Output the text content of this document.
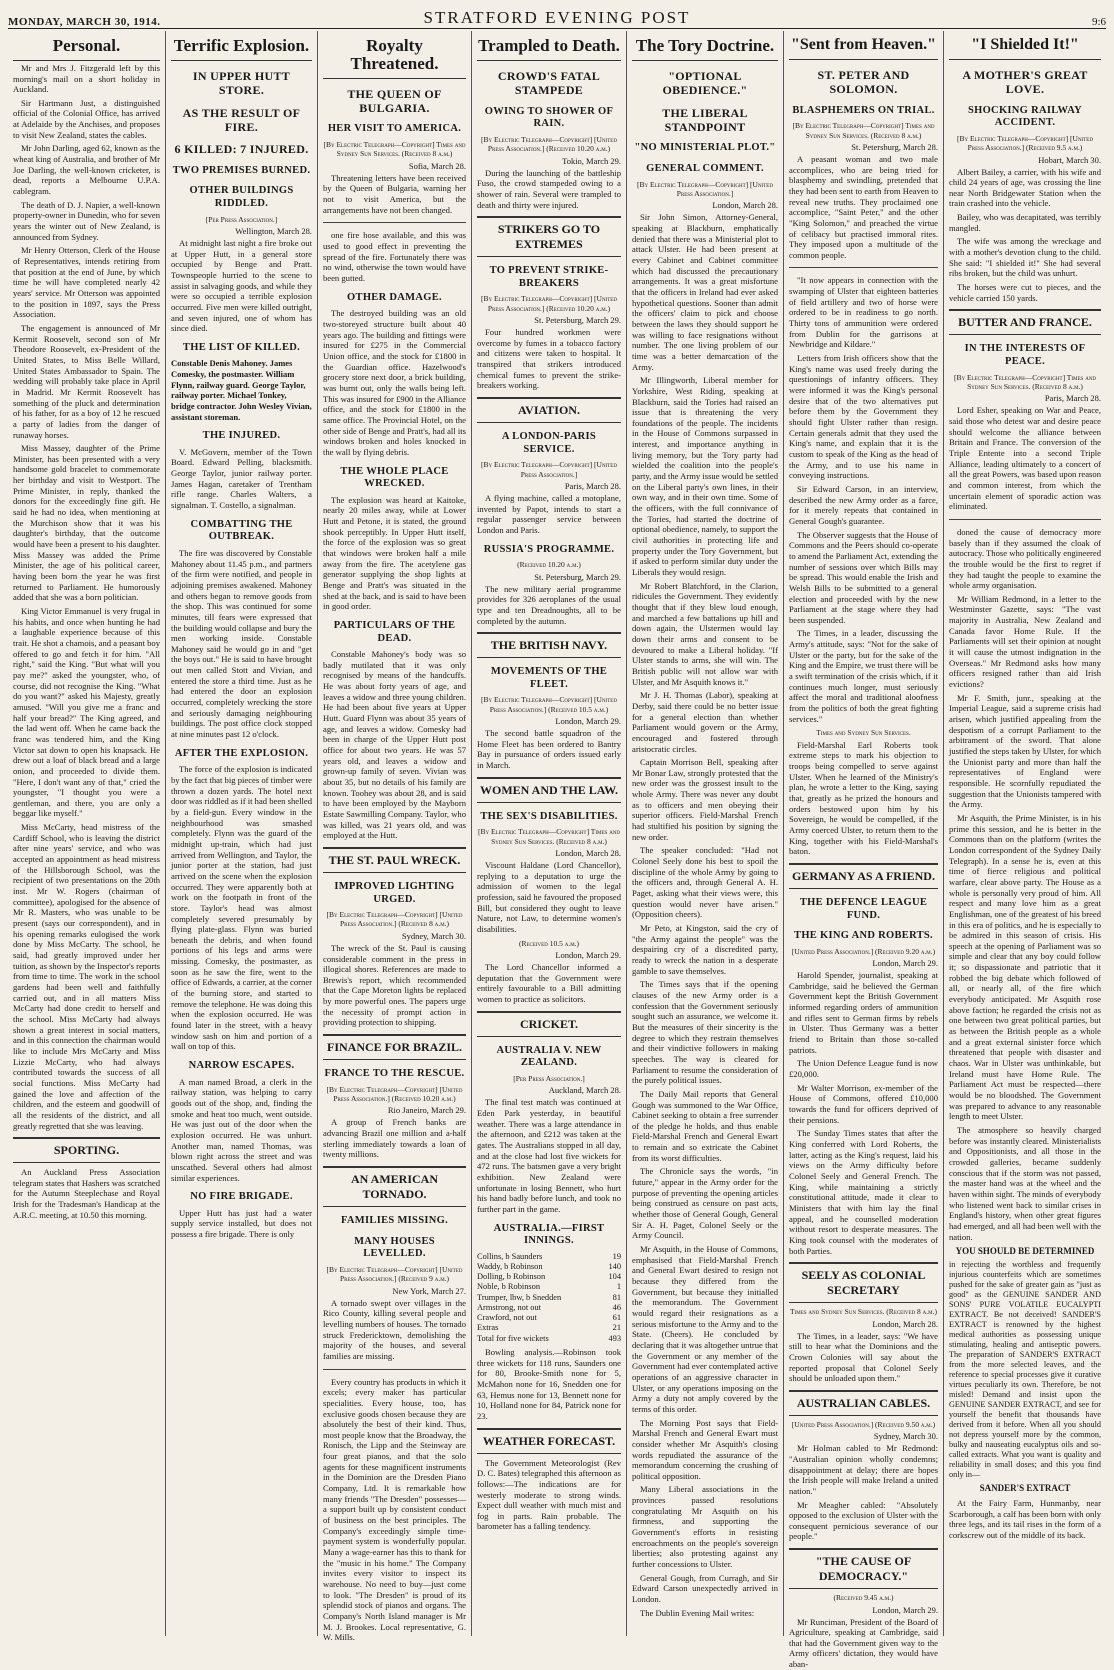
MONDAY, MARCH 30, 1914.	STRATFORD EVENING POST	9:6
Personal.

Mr and Mrs J. Fitzgerald left by this morning's mail on a short holiday in Auckland.

Sir Hartmann Just, a distinguished official of the Colonial Office, has arrived at Adelaide by the Anchises, and proposes to visit New Zealand, states the cables.

Mr John Darling, aged 62, known as the wheat king of Australia, and brother of Mr Joe Darling, the well-known cricketer, is dead, reports a Melbourne U.P.A. cablegram.

The death of D. J. Napier, a well-known property-owner in Dunedin, who for seven years the winter out of New Zealand, is announced from Sydney.

Mr Henry Otterson, Clerk of the House of Representatives, intends retiring from that position at the end of June, by which time he will have completed nearly 42 years' service. Mr Otterson was appointed to the position in 1897, says the Press Association.

The engagement is announced of Mr Kermit Roosevelt, second son of Mr Theodore Roosevelt, ex-President of the United States, to Miss Belle Willard, United States Ambassador to Spain. The wedding will probably take place in April in Madrid. Mr Kermit Roosevelt has something of the pluck and determination of his father, for as a boy of 12 he rescued a party of ladies from the danger of runaway horses.

Miss Massey, daughter of the Prime Minister, has been presented with a very handsome gold bracelet to commemorate her birthday and visit to Westport. The Prime Minister, in reply, thanked the donors for the exceedingly fine gift. He said he had no idea, when mentioning at the Murchison show that it was his daughter's birthday, that the outcome would have been a present to his daughter. Miss Massey was added the Prime Minister, the age of his political career, having been born the year he was first returned to Parliament. He humorously added that she was a born politician.

King Victor Emmanuel is very frugal in his habits, and once when hunting he had a laughable experience because of this trait. He shot a chamois, and a peasant boy offered to go and fetch it for him. "All right," said the King. "But what will you pay me?" asked the youngster, who, of course, did not recognise the King. "What do you want?" asked his Majesty, greatly amused. "Will you give me a franc and half your bread?" The King agreed, and the lad went off. When he came back the franc was tendered him, and the King Victor sat down to open his knapsack. He drew out a loaf of black bread and a large onion, and proceeded to divide them. "Here, I don't want any of that," cried the youngster, "I thought you were a gentleman, and there, you are only a beggar like myself."

Miss McCarty, head mistress of the Cardiff School, who is leaving the district after nine years' service, and who was accepted an appointment as head mistress of the Hillsborough School, was the recipient of two presentations on the 20th inst. Mr W. Rogers (chairman of committee), apologised for the absence of Mr R. Masters, who was unable to be present (says our correspondent), and in his opening remarks eulogised the work done by Miss McCarty. The school, he said, had greatly improved under her tuition, as shown by the Inspector's reports from time to time. The work in the school gardens had been well and faithfully carried out, and in all matters Miss McCarty had done credit to herself and the school. Miss McCarty had always shown a great interest in social matters, and in this connection the chairman would like to include Mrs McCarty and Miss Lizzie McCarty, who had always contributed towards the success of all social functions. Miss McCarty had gained the love and affection of the children, and the esteem and goodwill of all the residents of the district, and all greatly regretted that she was leaving.

SPORTING.

An Auckland Press Association telegram states that Hashers was scratched for the Autumn Steeplechase and Royal Irish for the Tradesman's Handicap at the A.R.C. meeting, at 10.50 this morning.

Terrific Explosion.
IN UPPER HUTT STORE.
AS THE RESULT OF FIRE.
6 KILLED: 7 INJURED.
TWO PREMISES BURNED.
OTHER BUILDINGS RIDDLED.
[Per Press Association.]
Wellington, March 28.

At midnight last night a fire broke out at Upper Hutt, in a general store occupied by Benge and Pratt. Townspeople hurried to the scene to assist in salvaging goods, and while they were so occupied a terrible explosion occurred. Five men were killed outright, and seven injured, one of whom has since died.

THE LIST OF KILLED.
Constable Denis Mahoney. James Comesky, the postmaster. William Flynn, railway guard. George Taylor, railway porter. Michael Tonkey, bridge contractor. John Wesley Vivian, assistant storeman.
THE INJURED.

V. McGovern, member of the Town Board. Edward Pelling, blacksmith. George Taylor, junior railway porter. James Hagan, caretaker of Trentham rifle range. Charles Walters, a signalman. T. Costello, a signalman.

COMBATTING THE OUTBREAK.

The fire was discovered by Constable Mahoney about 11.45 p.m., and partners of the firm were notified, and people in adjoining premises awakened. Mahoney and others began to remove goods from the shop. This was continued for some minutes, till fears were expressed that the building would collapse and bury the men working inside. Constable Mahoney said he would go in and "get the boys out." He is said to have brought out men called Stott and Vivian, and entered the store a third time. Just as he had entered the door an explosion occurred, completely wrecking the store and seriously damaging neighbouring buildings. The post office clock stopped at nine minutes past 12 o'clock.

AFTER THE EXPLOSION.

The force of the explosion is indicated by the fact that big pieces of timber were thrown a dozen yards. The hotel next door was riddled as if it had been shelled by a field-gun. Every window in the neighbourhood was smashed completely. Flynn was the guard of the midnight up-train, which had just arrived from Wellington, and Taylor, the junior porter at the station, had just arrived on the scene when the explosion occurred. They were apparently both at work on the footpath in front of the store. Taylor's head was almost completely severed presumably by flying plate-glass. Flynn was buried beneath the debris, and when found portions of his legs and arms were missing. Comesky, the postmaster, as soon as he saw the fire, went to the office of Edwards, a carrier, at the corner of the burning store, and started to remove the telephone. He was doing this when the explosion occurred. He was found later in the street, with a heavy window sash on him and portion of a wall on top of this.

NARROW ESCAPES.

A man named Broad, a clerk in the railway station, was helping to carry goods out of the shop, and, finding the smoke and heat too much, went outside. He was just out of the door when the explosion occurred. He was unhurt. Another man, named Thomas, was blown right across the street and was unscathed. Several others had almost similar experiences.

NO FIRE BRIGADE.

Upper Hutt has just had a water supply service installed, but does not possess a fire brigade. There is only

Royalty Threatened.
THE QUEEN OF BULGARIA.
HER VISIT TO AMERICA.
[By Electric Telegraph—Copyright] Times and Sydney Sun Services. (Received 8 a.m.)
Sofia, March 28.

Threatening letters have been received by the Queen of Bulgaria, warning her not to visit America, but the arrangements have not been changed.

one fire hose available, and this was used to good effect in preventing the spread of the fire. Fortunately there was no wind, otherwise the town would have been gutted.

OTHER DAMAGE.

The destroyed building was an old two-storeyed structure built about 40 years ago. The building and fittings were insured for £275 in the Commercial Union office, and the stock for £1800 in the Guardian office. Hazelwood's grocery store next door, a brick building, was burnt out, only the walls being left. This was insured for £900 in the Alliance office, and the stock for £1800 in the same office. The Provincial Hotel, on the other side of Benge and Pratt's, had all its windows broken and holes knocked in the wall by flying debris.

THE WHOLE PLACE WRECKED.

The explosion was heard at Kaitoke, nearly 20 miles away, while at Lower Hutt and Petone, it is stated, the ground shook perceptibly. In Upper Hutt itself, the force of the explosion was so great that windows were broken half a mile away from the fire. The acetylene gas generator supplying the shop lights at Benge and Pratt's was situated in the shed at the back, and is said to have been in good order.

PARTICULARS OF THE DEAD.

Constable Mahoney's body was so badly mutilated that it was only recognised by means of the handcuffs. He was about forty years of age, and leaves a widow and three young children. He had been about five years at Upper Hutt. Guard Flynn was about 35 years of age, and leaves a widow. Comesky had been in charge of the Upper Hutt post office for about two years. He was 57 years old, and leaves a widow and grown-up family of seven. Vivian was about 35, but no details of his family are known. Toohey was about 28, and is said to have been employed by the Mayborn Estate Sawmilling Company. Taylor, who was killed, was 21 years old, and was employed at the Hutt.

THE ST. PAUL WRECK.
IMPROVED LIGHTING URGED.
[By Electric Telegraph—Copyright] [United Press Association.] (Received 8 a.m.)
Sydney, March 30.

The wreck of the St. Paul is causing considerable comment in the press in illogical shores. References are made to Brewis's report, which recommended that the Cape Moreton lights be replaced by more powerful ones. The papers urge the necessity of prompt action in providing protection to shipping.

FINANCE FOR BRAZIL.
FRANCE TO THE RESCUE.
[By Electric Telegraph—Copyright] [United Press Association.] (Received 10.20 a.m.)
Rio Janeiro, March 29.

A group of French banks are advancing Brazil one million and a-half sterling immediately towards a loan of twenty millions.

AN AMERICAN TORNADO.
FAMILIES MISSING.
MANY HOUSES LEVELLED.
[By Electric Telegraph—Copyright] [United Press Association.] (Received 9 a.m.)
New York, March 27.

A tornado swept over villages in the Rico County, killing several people and levelling numbers of houses. The tornado struck Fredericktown, demolishing the majority of the houses, and several families are missing.

Every country has products in which it excels; every maker has particular specialities. Every house, too, has exclusive goods chosen because they are absolutely the best of their kind. Thus, most people know that the Broadway, the Ronisch, the Lipp and the Steinway are four great pianos, and that the solo agents for these magnificent instruments in the Dominion are the Dresden Piano Company, Ltd. It is remarkable how many friends "The Dresden" possesses—a support built up by consistent conduct of business on the best principles. The Company's exceedingly simple time-payment system is wonderfully popular. Many a wage-earner has this to thank for the "music in his home." The Company invites every visitor to inspect its warehouse. No need to buy—just come to look. "The Dresden" is proud of its splendid stock of pianos and organs. The Company's North Island manager is Mr M. J. Brookes. Local representative, G. W. Mills.

Trampled to Death.
CROWD'S FATAL STAMPEDE
OWING TO SHOWER OF RAIN.
[By Electric Telegraph—Copyright] [United Press Association.] (Received 10.20 a.m.)
Tokio, March 29.

During the launching of the battleship Fuso, the crowd stampeded owing to a shower of rain. Several were trampled to death and thirty were injured.

STRIKERS GO TO EXTREMES
TO PREVENT STRIKE-BREAKERS
[By Electric Telegraph—Copyright] [United Press Association.] (Received 10.20 a.m.)
St. Petersburg, March 29.

Four hundred workmen were overcome by fumes in a tobacco factory and citizens were taken to hospital. It transpired that strikers introduced chemical fumes to prevent the strike-breakers working.

AVIATION.
A LONDON-PARIS SERVICE.
[By Electric Telegraph—Copyright] [United Press Association.]
Paris, March 28.

A flying machine, called a motoplane, invented by Papot, intends to start a regular passenger service between London and Paris.

RUSSIA'S PROGRAMME.
(Received 10.20 a.m.)
St. Petersburg, March 29.

The new military aerial programme provides for 326 aeroplanes of the usual type and ten Dreadnoughts, all to be completed by the autumn.

THE BRITISH NAVY.
MOVEMENTS OF THE FLEET.
[By Electric Telegraph—Copyright] [United Press Association.] (Received 10.5 a.m.)
London, March 29.

The second battle squadron of the Home Fleet has been ordered to Bantry Bay in pursuance of orders issued early in March.

WOMEN AND THE LAW.
THE SEX'S DISABILITIES.
[By Electric Telegraph—Copyright] Times and Sydney Sun Services. (Received 8 a.m.)
London, March 28.

Viscount Haldane (Lord Chancellor), replying to a deputation to urge the admission of women to the legal profession, said he favoured the proposed Bill, but considered they ought to leave Nature, not Law, to determine women's disabilities.

(Received 10.5 a.m.)
London, March 29.

The Lord Chancellor informed a deputation that the Government were entirely favourable to a Bill admitting women to practice as solicitors.

CRICKET.
AUSTRALIA V. NEW ZEALAND.
[Per Press Association.]
Auckland, March 28.

The final test match was continued at Eden Park yesterday, in beautiful weather. There was a large attendance in the afternoon, and £212 was taken at the gates. The Australians stopped in all day, and at the close had lost five wickets for 472 runs. The batsmen gave a very bright exhibition. New Zealand were unfortunate in losing Bennett, who hurt his hand badly before lunch, and took no further part in the game.

AUSTRALIA.—FIRST INNINGS.
Collins, b Saunders	19
Waddy, b Robinson	140
Dolling, b Robinson	104
Noble, b Robinson	1
Trumper, lbw, b Snedden	81
Armstrong, not out	46
Crawford, not out	61
Extras	21
Total for five wickets	493

Bowling analysis.—Robinson took three wickets for 118 runs, Saunders one for 80, Brooke-Smith none for 5, McMahon none for 16, Snedden one for 63, Hemus none for 13, Bennett none for 10, Holland none for 84, Patrick none for 23.

WEATHER FORECAST.

The Government Meteorologist (Rev D. C. Bates) telegraphed this afternoon as follows:—The indications are for westerly moderate to strong winds. Expect dull weather with much mist and fog in parts. Rain probable. The barometer has a falling tendency.

The Tory Doctrine.
"OPTIONAL OBEDIENCE."
THE LIBERAL STANDPOINT
"NO MINISTERIAL PLOT."
GENERAL COMMENT.
[By Electric Telegraph—Copyright] [United Press Association.]
London, March 28.

Sir John Simon, Attorney-General, speaking at Blackburn, emphatically denied that there was a Ministerial plot to attack Ulster. He had been present at every Cabinet and Cabinet committee which had discussed the precautionary arrangements. It was a great misfortune that the officers in Ireland had ever asked hypothetical questions. Sooner than admit the officers' claim to pick and choose between the laws they should support he was willing to face resignations without number. The one living problem of our time was a better demarcation of the Army.

Mr Illingworth, Liberal member for Yorkshire, West Riding, speaking at Blackburn, said the Tories had raised an issue that is threatening the very foundations of the people. The incidents in the House of Commons surpassed in interest, and importance anything in living memory, but the Tory party had wielded the coalition into the people's party, and the Army issue would be settled on the Liberal party's own lines, in their own way, and in their own time. Some of the officers, with the full connivance of the Tories, had started the doctrine of optional obedience, namely, to support the civil authorities in protecting life and property under the Tory Government, but if asked to perform similar duty under the Liberals they would resign.

Mr Robert Blatchford, in the Clarion, ridicules the Government. They evidently thought that if they blew loud enough, and marched a few battalions up hill and down again, the Ulstermen would lay down their arms and consent to be devoured to make a Liberal holiday. "If Ulster stands to arms, she will win. The British public will not allow war with Ulster, and Mr Asquith knows it."

Mr J. H. Thomas (Labor), speaking at Derby, said there could be no better issue for a general election than whether Parliament would govern or the Army, encouraged and fostered through aristocratic circles.

Captain Morrison Bell, speaking after Mr Bonar Law, strongly protested that the new order was the grossest insult to the whole Army. There was never any doubt as to officers and men obeying their superior officers. Field-Marshal French had stultified his position by signing the new order.

The speaker concluded: "Had not Colonel Seely done his best to spoil the discipline of the whole Army by going to the officers and, through General A. H. Paget, asking what their views were, this question would never have arisen." (Opposition cheers).

Mr Peto, at Kingston, said the cry of "the Army against the people" was the despairing cry of a discredited party, ready to wreck the nation in a desperate gamble to save themselves.

The Times says that if the opening clauses of the new Army order is a confession that the Government seriously sought such an assurance, we welcome it. But the measures of their sincerity is the degree to which they restrain themselves and their vindictive followers in making speeches. The way is cleared for Parliament to resume the consideration of the purely political issues.

The Daily Mail reports that General Gough was summoned to the War Office, Cabinet seeking to obtain a free surrender of the pledge he holds, and thus enable Field-Marshal French and General Ewart to remain and so extricate the Cabinet from its worst difficulties.

The Chronicle says the words, "in future," appear in the Army order for the purpose of preventing the opening articles being construed as censure on past acts, whether those of General Gough, General Sir A. H. Paget, Colonel Seely or the Army Council.

Mr Asquith, in the House of Commons, emphasised that Field-Marshal French and General Ewart desired to resign not because they differed from the Government, but because they initialled the memorandum. The Government would regard their resignations as a serious misfortune to the Army and to the State. (Cheers). He concluded by declaring that it was altogether untrue that the Government or any member of the Government had ever contemplated active operations of an aggressive character in Ulster, or any operations imposing on the Army a duty not amply covered by the terms of this order.

The Morning Post says that Field-Marshal French and General Ewart must consider whether Mr Asquith's closing words repudiated the assurance of the memorandum concerning the crushing of political opposition.

Many Liberal associations in the provinces passed resolutions congratulating Mr Asquith on his firmness, and supporting the Government's efforts in resisting encroachments on the people's sovereign liberties; also protesting against any further concessions to Ulster.

General Gough, from Curragh, and Sir Edward Carson unexpectedly arrived in London.

The Dublin Evening Mail writes:

"Sent from Heaven."
ST. PETER AND SOLOMON.
BLASPHEMERS ON TRIAL.
[By Electric Telegraph—Copyright] Times and Sydney Sun Services. (Received 8 a.m.)
St. Petersburg, March 28.

A peasant woman and two male accomplices, who are being tried for blasphemy and swindling, pretended that they had been sent to earth from Heaven to reveal new truths. They proclaimed one accomplice, "Saint Peter," and the other "King Solomon," and preached the virtue of celibacy but practised immoral rites. They imposed upon a multitude of the common people.

"It now appears in connection with the swamping of Ulster that eighteen batteries of field artillery and two of horse were ordered to be in readiness to go north. Thirty tons of ammunition were ordered from Dublin for the garrisons at Newbridge and Kildare."

Letters from Irish officers show that the King's name was used freely during the questionings of infantry officers. They were informed it was the King's personal desire that of the two alternatives put before them by the Government they should fight Ulster rather than resign. Certain generals admit that they used the King's name, and explain that it is the custom to speak of the King as the head of the Army, and to use his name in conveying instructions.

Sir Edward Carson, in an interview, described the new Army order as a farce, for it merely repeats that contained in General Gough's guarantee.

The Observer suggests that the House of Commons and the Peers should co-operate to amend the Parliament Act, extending the number of sessions over which Bills may be spread. This would enable the Irish and Welsh Bills to be submitted to a general election and proceeded with by the new Parliament at the stage where they had been suspended.

The Times, in a leader, discussing the Army's attitude, says: "Not for the sake of Ulster or the party, but for the sake of the King and the Empire, we trust there will be a swift termination of the crisis which, if it continues much longer, must seriously affect the moral and traditional aloofness from the politics of both the great fighting services."

Times and Sydney Sun Services.

Field-Marshal Earl Roberts took extreme steps to mark his objection to troops being compelled to serve against Ulster. When he learned of the Ministry's plan, he wrote a letter to the King, saying that, greatly as he prized the honours and orders bestowed upon him by his Sovereign, he would be compelled, if the Army coerced Ulster, to return them to the King, together with his Field-Marshal's baton.

GERMANY AS A FRIEND.
THE DEFENCE LEAGUE FUND.
THE KING AND ROBERTS.
[United Press Association.] (Received 9.20 a.m.)
London, March 29.

Harold Spender, journalist, speaking at Cambridge, said he believed the German Government kept the British Government informed regarding orders of ammunition and rifles sent to German firms by rebels in Ulster. Thus Germany was a better friend to Britain than those so-called patriots.

The Union Defence League fund is now £20,000.

Mr Walter Morrison, ex-member of the House of Commons, offered £10,000 towards the fund for officers deprived of their pensions.

The Sunday Times states that after the King conferred with Lord Roberts, the latter, acting as the King's request, laid his views on the Army difficulty before Colonel Seely and General French. The King, while maintaining a strictly constitutional attitude, made it clear to Ministers that with him lay the final appeal, and he counselled moderation without resort to desperate measures. The King took counsel with the moderates of both Parties.

SEELY AS COLONIAL SECRETARY
Times and Sydney Sun Services. (Received 8 a.m.)
London, March 28.

The Times, in a leader, says: "We have still to hear what the Dominions and the Crown Colonies will say about the reported proposal that Colonel Seely should be unloaded upon them."

AUSTRALIAN CABLES.
[United Press Association.] (Received 9.50 a.m.)
Sydney, March 30.

Mr Holman cabled to Mr Redmond: "Australian opinion wholly condemns; disappointment at delay; there are hopes the Irish people will make Ireland a united nation."

Mr Meagher cabled: "Absolutely opposed to the exclusion of Ulster with the consequent pernicious severance of our people."

"THE CAUSE OF DEMOCRACY."
(Received 9.45 a.m.)
London, March 29.

Mr Runciman, President of the Board of Agriculture, speaking at Cambridge, said that had the Government given way to the Army officers' dictation, they would have aban-

"I Shielded It!"
A MOTHER'S GREAT LOVE.
SHOCKING RAILWAY ACCIDENT.
[By Electric Telegraph—Copyright] [United Press Association.] (Received 9.5 a.m.)
Hobart, March 30.

Albert Bailey, a carrier, with his wife and child 24 years of age, was crossing the line near North Bridgewater Station when the train crashed into the vehicle.

Bailey, who was decapitated, was terribly mangled.

The wife was among the wreckage and with a mother's devotion clung to the child. She said: "I shielded it!" She had several ribs broken, but the child was unhurt.

The horses were cut to pieces, and the vehicle carried 150 yards.

BUTTER AND FRANCE.
IN THE INTERESTS OF PEACE.
[By Electric Telegraph—Copyright] Times and Sydney Sun Services. (Received 8 a.m.)
Paris, March 28.

Lord Esher, speaking on War and Peace, said those who detest war and desire peace should welcome the alliance between Britain and France. The conversion of the Triple Entente into a second Triple Alliance, leading ultimately to a concert of all the great Powers, was based upon reason and common interest, from which the uncertain element of sporadic action was eliminated.

doned the cause of democracy more basely than if they assumed the cloak of autocracy. Those who politically engineered the trouble would be the first to regret if they had taught the people to examine the whole army organisation.

Mr William Redmond, in a letter to the Westminster Gazette, says: "The vast majority in Australia, New Zealand and Canada favor Home Rule. If the Parliaments will set their opinion at nought it will cause the utmost indignation in the Overseas." Mr Redmond asks how many officers resigned rather than aid Irish evictions?

Mr F. Smith, junr., speaking at the Imperial League, said a supreme crisis had arisen, which justified appealing from the despotism of a corrupt Parliament to the arbitrament of the sword. That alone justified the steps taken by Ulster, for which the Unionist party and more than half the representatives of England were responsible. He scornfully repudiated the suggestion that the Unionists tampered with the Army.

Mr Asquith, the Prime Minister, is in his prime this session, and he is better in the Commons than on the platform (writes the London correspondent of the Sydney Daily Telegraph). In a sense he is, even at this time of fierce religious and political warfare, clear above party. The House as a whole is personally very proud of him. All respect and many love him as a great Englishman, one of the greatest of his breed in this era of politics, and he is especially to be admired in this season of crisis. His speech at the opening of Parliament was so simple and clear that any boy could follow it; so dispassionate and patriotic that it robbed the big debate which followed of all, or nearly all, of the fire which everybody anticipated. Mr Asquith rose above faction; he regarded the crisis not as one between two great political parties, but as between the British people as a whole and a great external sinister force which threatened that people with disaster and chaos. War in Ulster was unthinkable, but Ireland must have Home Rule. The Parliament Act must be respected—there would be no bloodshed. The Government was prepared to advance to any reasonable length to meet Ulster.

The atmosphere so heavily charged before was instantly cleared. Ministerialists and Oppositionists, and all those in the crowded galleries, became suddenly conscious that if the storm was not passed, the master hand was at the wheel and the haven within sight. The minds of everybody who listened went back to similar crises in England's history, when other great figures had emerged, and all had been well with the nation.

YOU SHOULD BE DETERMINED
in rejecting the worthless and frequently injurious counterfeits which are sometimes pushed for the sake of greater gain as "just as good" as the GENUINE SANDER AND SONS' PURE VOLATILE EUCALYPTI EXTRACT. Be not deceived! SANDER'S EXTRACT is renowned by the highest medical authorities as possessing unique stimulating, healing and antiseptic powers. The preparation of SANDER'S EXTRACT from the more selected leaves, and the reference to special processes give it curative virtues peculiarly its own. Therefore, be not misled! Demand and insist upon the GENUINE SANDER EXTRACT, and see for yourself the benefit that thousands have derived from it before. When all you should not depress yourself more by the common, bulky and nauseating eucalyptus oils and so-called extracts. What you want is quality and reliability in small doses; and this you find only in—
SANDER'S EXTRACT

At the Fairy Farm, Hunmanby, near Scarborough, a calf has been born with only three legs, and its tail rises in the form of a corkscrew out of the middle of its back.
